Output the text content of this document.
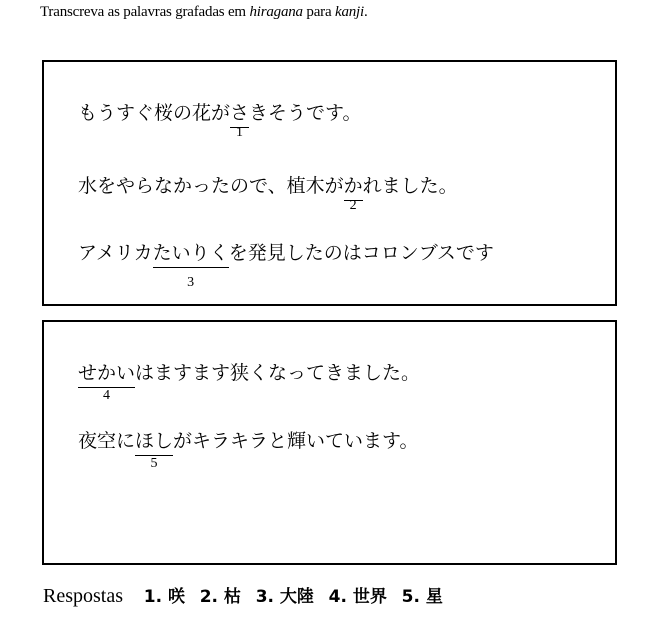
Transcreva as palavras grafadas em hiragana para kanji.
もうすぐ桜の花がさ
1
きそうです。
水をやらなかったので、植木がか
2
れました。
アメリカたいりく
3
を発見したのはコロンブスです
せかい
4
はますます狭くなってきました。
夜空にほし
5
がキラキラと輝いています。
Respostas 1. 咲 2. 枯 3. 大陸 4. 世界 5. 星
